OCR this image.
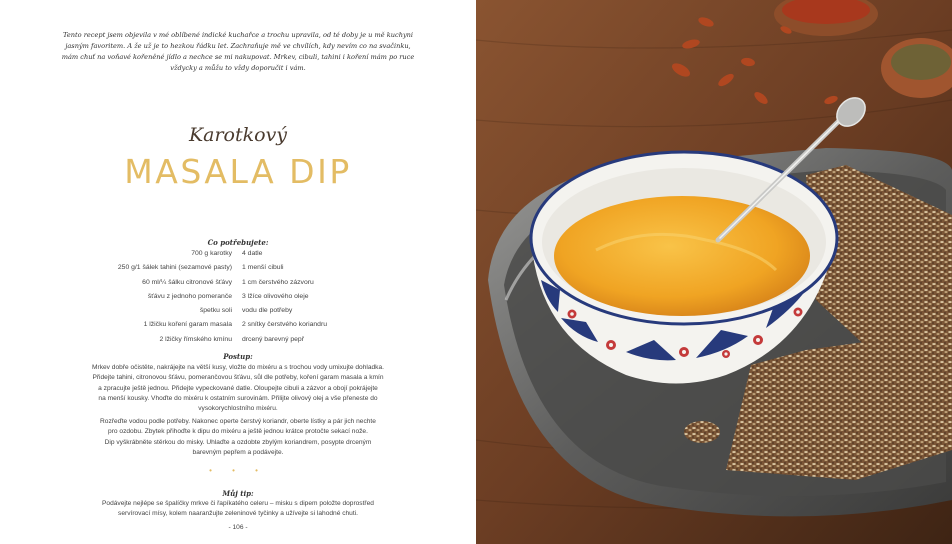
Tento recept jsem objevila v mé oblíbené indické kuchařce a trochu upravila, od té doby je u mě kuchyni
jasným favoritem. A že už je to hezkou řádku let. Zachraňuje mě ve chvílích, kdy nevím co na svačinku,
mám chuť na voňavé kořeněné jídlo a nechce se mi nakupovat. Mrkev, cibuli, tahini i koření mám po ruce
vždycky a můžu to vždy doporučit i vám.
Karotkový
MASALA DIP
Co potřebujete:
700 g karotky 4 datle
250 g/1 šálek tahini (sezamové pasty) 1 menší cibuli
60 ml/¼ šálku citronové šťávy 1 cm čerstvého zázvoru
šťávu z jednoho pomeranče 3 lžíce olivového oleje
špetku soli vodu dle potřeby
1 lžičku koření garam masala 2 snítky čerstvého koriandru
2 lžičky římského kmínu drcený barevný pepř
Postup:
Mrkev dobře očistěte, nakrájejte na větší kusy, vložte do mixéru a s trochou vody umixujte dohladka.
Přidejte tahini, citronovou šťávu, pomerančovou šťávu, sůl dle potřeby, koření garam masala a kmín
a zpracujte ještě jednou. Přidejte vypeckované datle. Oloupejte cibuli a zázvor a obojí pokrájejte
na menší kousky. Vhoďte do mixéru k ostatním surovinám. Přilijte olivový olej a vše přeneste do
vysokorychlostního mixéru.
Rozřeďte vodou podle potřeby. Nakonec operte čerstvý koriandr, oberte lístky a pár jich nechte
pro ozdobu. Zbytek přihoďte k dipu do mixéru a ještě jednou krátce protočte sekací nože.
Dip vyškrábněte stěrkou do misky. Uhlaďte a ozdobte zbylým koriandrem, posypte drceným
barevným pepřem a podávejte.
• • •
Můj tip:
Podávejte nejlépe se špalíčky mrkve či řapíkatého celeru – misku s dipem položte doprostřed
servírovací mísy, kolem naaranžujte zeleninové tyčinky a užívejte si lahodné chuti.
- 106 -
